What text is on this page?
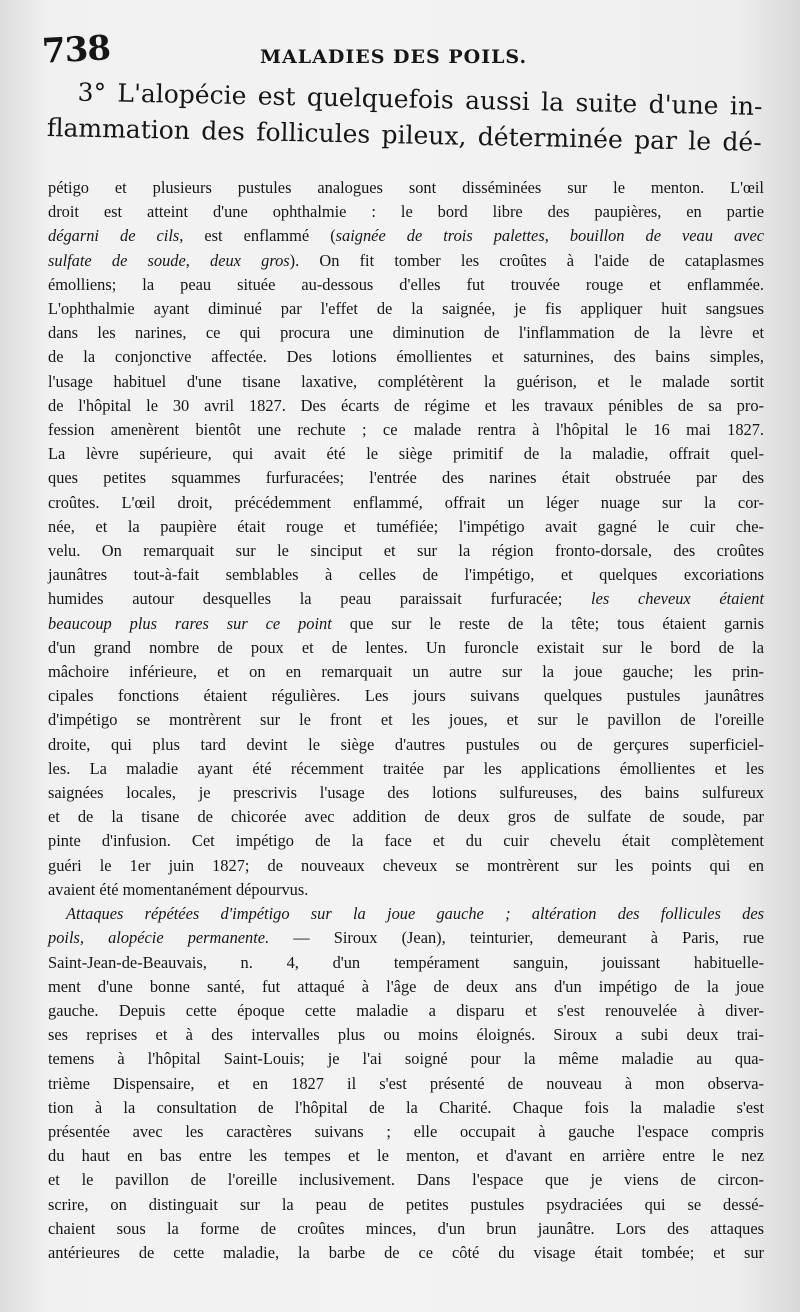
738	MALADIES DES POILS.
3° L'alopécie est quelquefois aussi la suite d'une in-
flammation des follicules pileux, déterminée par le dé-
pétigo et plusieurs pustules analogues sont disséminées sur le menton. L'œil
droit est atteint d'une ophthalmie : le bord libre des paupières, en partie
dégarni de cils, est enflammé (saignée de trois palettes, bouillon de veau avec
sulfate de soude, deux gros). On fit tomber les croûtes à l'aide de cataplasmes
émolliens; la peau située au-dessous d'elles fut trouvée rouge et enflammée.
L'ophthalmie ayant diminué par l'effet de la saignée, je fis appliquer huit sangsues
dans les narines, ce qui procura une diminution de l'inflammation de la lèvre et
de la conjonctive affectée. Des lotions émollientes et saturnines, des bains simples,
l'usage habituel d'une tisane laxative, complétèrent la guérison, et le malade sortit
de l'hôpital le 30 avril 1827. Des écarts de régime et les travaux pénibles de sa pro-
fession amenèrent bientôt une rechute ; ce malade rentra à l'hôpital le 16 mai 1827.
La lèvre supérieure, qui avait été le siège primitif de la maladie, offrait quel-
ques petites squammes furfuracées; l'entrée des narines était obstruée par des
croûtes. L'œil droit, précédemment enflammé, offrait un léger nuage sur la cor-
née, et la paupière était rouge et tuméfiée; l'impétigo avait gagné le cuir che-
velu. On remarquait sur le sinciput et sur la région fronto-dorsale, des croûtes
jaunâtres tout-à-fait semblables à celles de l'impétigo, et quelques excoriations
humides autour desquelles la peau paraissait furfuracée; les cheveux étaient
beaucoup plus rares sur ce point que sur le reste de la tête; tous étaient garnis
d'un grand nombre de poux et de lentes. Un furoncle existait sur le bord de la
mâchoire inférieure, et on en remarquait un autre sur la joue gauche; les prin-
cipales fonctions étaient régulières. Les jours suivans quelques pustules jaunâtres
d'impétigo se montrèrent sur le front et les joues, et sur le pavillon de l'oreille
droite, qui plus tard devint le siège d'autres pustules ou de gerçures superficiel-
les. La maladie ayant été récemment traitée par les applications émollientes et les
saignées locales, je prescrivis l'usage des lotions sulfureuses, des bains sulfureux
et de la tisane de chicorée avec addition de deux gros de sulfate de soude, par
pinte d'infusion. Cet impétigo de la face et du cuir chevelu était complètement
guéri le 1er juin 1827; de nouveaux cheveux se montrèrent sur les points qui en
avaient été momentanément dépourvus.
Attaques répétées d'impétigo sur la joue gauche ; altération des follicules des
poils, alopécie permanente. — Siroux (Jean), teinturier, demeurant à Paris, rue
Saint-Jean-de-Beauvais, n. 4, d'un tempérament sanguin, jouissant habituelle-
ment d'une bonne santé, fut attaqué à l'âge de deux ans d'un impétigo de la joue
gauche. Depuis cette époque cette maladie a disparu et s'est renouvelée à diver-
ses reprises et à des intervalles plus ou moins éloignés. Siroux a subi deux trai-
temens à l'hôpital Saint-Louis; je l'ai soigné pour la même maladie au qua-
trième Dispensaire, et en 1827 il s'est présenté de nouveau à mon observa-
tion à la consultation de l'hôpital de la Charité. Chaque fois la maladie s'est
présentée avec les caractères suivans ; elle occupait à gauche l'espace compris
du haut en bas entre les tempes et le menton, et d'avant en arrière entre le nez
et le pavillon de l'oreille inclusivement. Dans l'espace que je viens de circon-
scrire, on distinguait sur la peau de petites pustules psydraciées qui se dessé-
chaient sous la forme de croûtes minces, d'un brun jaunâtre. Lors des attaques
antérieures de cette maladie, la barbe de ce côté du visage était tombée; et sur
